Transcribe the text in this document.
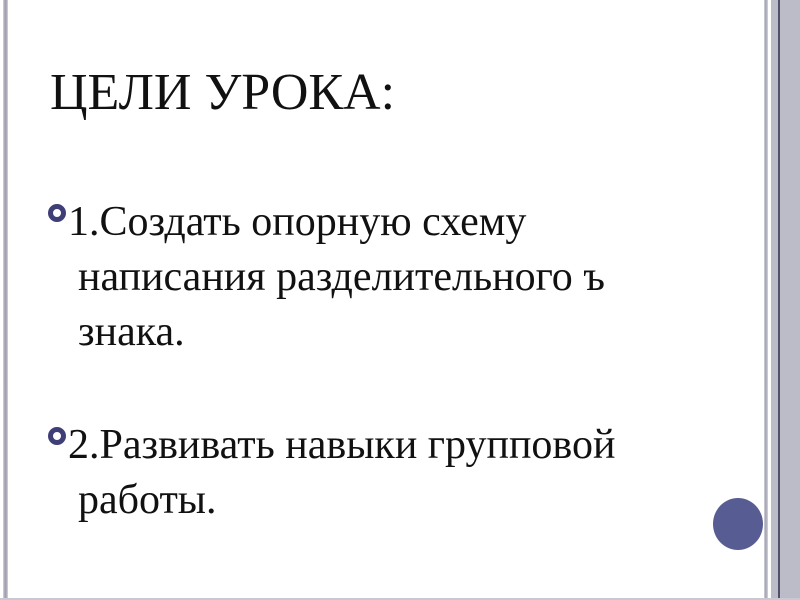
ЦЕЛИ УРОКА:
1.Создать опорную схему
написания разделительного ъ
знака.
2.Развивать навыки групповой
работы.
